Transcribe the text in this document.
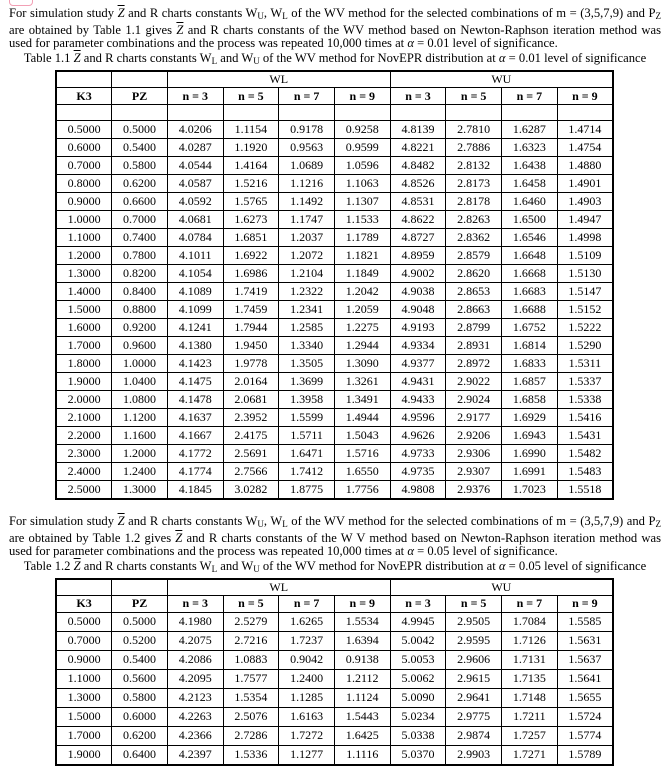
For simulation study $\overline{Z}$ and R charts constants WU, WL of the WV method for the selected combinations of m = (3,5,7,9) and PZ are obtained by Table 1.1 gives $\overline{Z}$ and R charts constants of the WV method based on Newton-Raphson iteration method was used for parameter combinations and the process was repeated 10,000 times at α = 0.01 level of significance.

Table 1.1 $\overline{Z}$ and R charts constants WL and WU of the WV method for NovEPR distribution at α = 0.01 level of significance

		WL				WU			
K3	PZ	n = 3	n = 5	n = 7	n = 9	n = 3	n = 5	n = 7	n = 9

0.5000	0.5000	4.0206	1.1154	0.9178	0.9258	4.8139	2.7810	1.6287	1.4714
0.6000	0.5400	4.0287	1.1920	0.9563	0.9599	4.8221	2.7886	1.6323	1.4754
0.7000	0.5800	4.0544	1.4164	1.0689	1.0596	4.8482	2.8132	1.6438	1.4880
0.8000	0.6200	4.0587	1.5216	1.1216	1.1063	4.8526	2.8173	1.6458	1.4901
0.9000	0.6600	4.0592	1.5765	1.1492	1.1307	4.8531	2.8178	1.6460	1.4903
1.0000	0.7000	4.0681	1.6273	1.1747	1.1533	4.8622	2.8263	1.6500	1.4947
1.1000	0.7400	4.0784	1.6851	1.2037	1.1789	4.8727	2.8362	1.6546	1.4998
1.2000	0.7800	4.1011	1.6922	1.2072	1.1821	4.8959	2.8579	1.6648	1.5109
1.3000	0.8200	4.1054	1.6986	1.2104	1.1849	4.9002	2.8620	1.6668	1.5130
1.4000	0.8400	4.1089	1.7419	1.2322	1.2042	4.9038	2.8653	1.6683	1.5147
1.5000	0.8800	4.1099	1.7459	1.2341	1.2059	4.9048	2.8663	1.6688	1.5152
1.6000	0.9200	4.1241	1.7944	1.2585	1.2275	4.9193	2.8799	1.6752	1.5222
1.7000	0.9600	4.1380	1.9450	1.3340	1.2944	4.9334	2.8931	1.6814	1.5290
1.8000	1.0000	4.1423	1.9778	1.3505	1.3090	4.9377	2.8972	1.6833	1.5311
1.9000	1.0400	4.1475	2.0164	1.3699	1.3261	4.9431	2.9022	1.6857	1.5337
2.0000	1.0800	4.1478	2.0681	1.3958	1.3491	4.9433	2.9024	1.6858	1.5338
2.1000	1.1200	4.1637	2.3952	1.5599	1.4944	4.9596	2.9177	1.6929	1.5416
2.2000	1.1600	4.1667	2.4175	1.5711	1.5043	4.9626	2.9206	1.6943	1.5431
2.3000	1.2000	4.1772	2.5691	1.6471	1.5716	4.9733	2.9306	1.6990	1.5482
2.4000	1.2400	4.1774	2.7566	1.7412	1.6550	4.9735	2.9307	1.6991	1.5483
2.5000	1.3000	4.1845	3.0282	1.8775	1.7756	4.9808	2.9376	1.7023	1.5518

For simulation study $\overline{Z}$ and R charts constants WU, WL of the WV method for the selected combinations of m = (3,5,7,9) and PZ are obtained by Table 1.2 gives $\overline{Z}$ and R charts constants of the W V method based on Newton-Raphson iteration method was used for parameter combinations and the process was repeated 10,000 times at α = 0.05 level of significance.

Table 1.2 $\overline{Z}$ and R charts constants WL and WU of the WV method for NovEPR distribution at α = 0.05 level of significance

		WL				WU			
K3	PZ	n = 3	n = 5	n = 7	n = 9	n = 3	n = 5	n = 7	n = 9
0.5000	0.5000	4.1980	2.5279	1.6265	1.5534	4.9945	2.9505	1.7084	1.5585
0.7000	0.5200	4.2075	2.7216	1.7237	1.6394	5.0042	2.9595	1.7126	1.5631
0.9000	0.5400	4.2086	1.0883	0.9042	0.9138	5.0053	2.9606	1.7131	1.5637
1.1000	0.5600	4.2095	1.7577	1.2400	1.2112	5.0062	2.9615	1.7135	1.5641
1.3000	0.5800	4.2123	1.5354	1.1285	1.1124	5.0090	2.9641	1.7148	1.5655
1.5000	0.6000	4.2263	2.5076	1.6163	1.5443	5.0234	2.9775	1.7211	1.5724
1.7000	0.6200	4.2366	2.7286	1.7272	1.6425	5.0338	2.9874	1.7257	1.5774
1.9000	0.6400	4.2397	1.5336	1.1277	1.1116	5.0370	2.9903	1.7271	1.5789
